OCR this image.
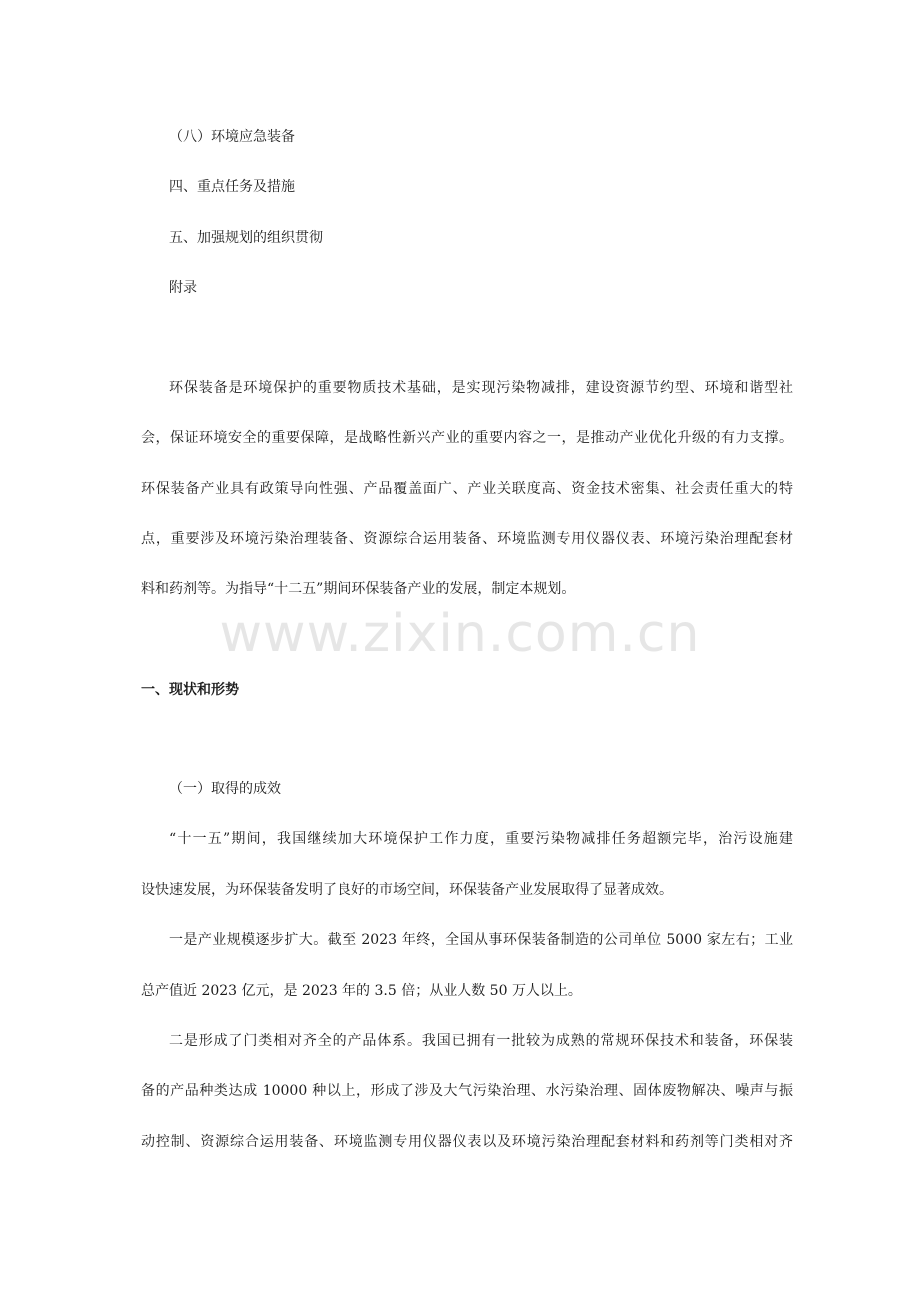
（八）环境应急装备
四、重点任务及措施
五、加强规划的组织贯彻
附录
环保装备是环境保护的重要物质技术基础，是实现污染物减排，建设资源节约型、环境和谐型社
会，保证环境安全的重要保障，是战略性新兴产业的重要内容之一，是推动产业优化升级的有力支撑。
环保装备产业具有政策导向性强、产品覆盖面广、产业关联度高、资金技术密集、社会责任重大的特
点，重要涉及环境污染治理装备、资源综合运用装备、环境监测专用仪器仪表、环境污染治理配套材
料和药剂等。为指导“十二五”期间环保装备产业的发展，制定本规划。
www.zixin.com.cn
一、现状和形势
（一）取得的成效
“十一五”期间，我国继续加大环境保护工作力度，重要污染物减排任务超额完毕，治污设施建
设快速发展，为环保装备发明了良好的市场空间，环保装备产业发展取得了显著成效。
一是产业规模逐步扩大。截至 2023 年终，全国从事环保装备制造的公司单位 5000 家左右；工业
总产值近 2023 亿元，是 2023 年的 3.5 倍；从业人数 50 万人以上。
二是形成了门类相对齐全的产品体系。我国已拥有一批较为成熟的常规环保技术和装备，环保装
备的产品种类达成 10000 种以上，形成了涉及大气污染治理、水污染治理、固体废物解决、噪声与振
动控制、资源综合运用装备、环境监测专用仪器仪表以及环境污染治理配套材料和药剂等门类相对齐
